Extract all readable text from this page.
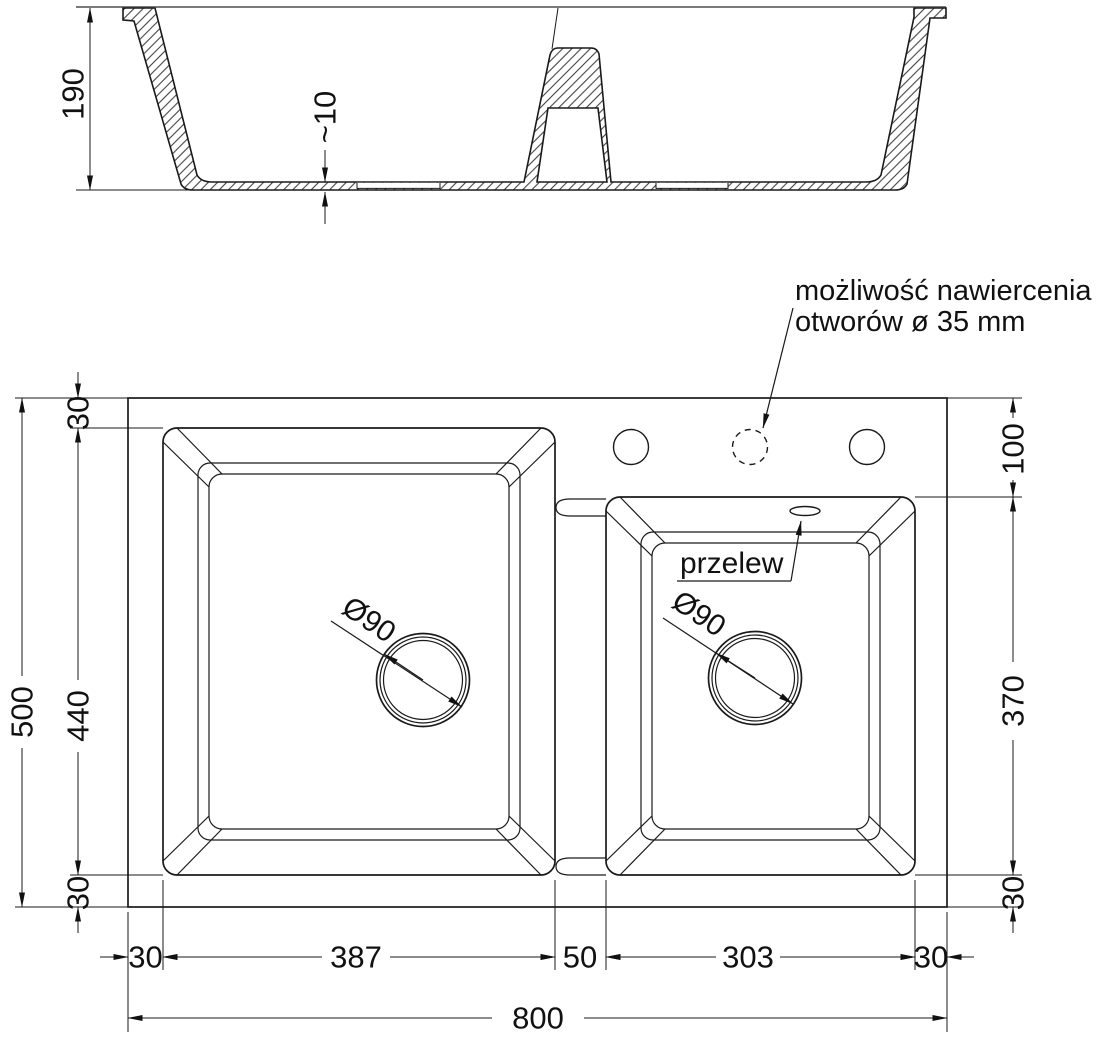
190	~10
możliwość nawiercenia
otworów ø 35 mm
przelew
Ø90	Ø90
500
30
440
30
100
370
30
30	387	50	303	30
800
